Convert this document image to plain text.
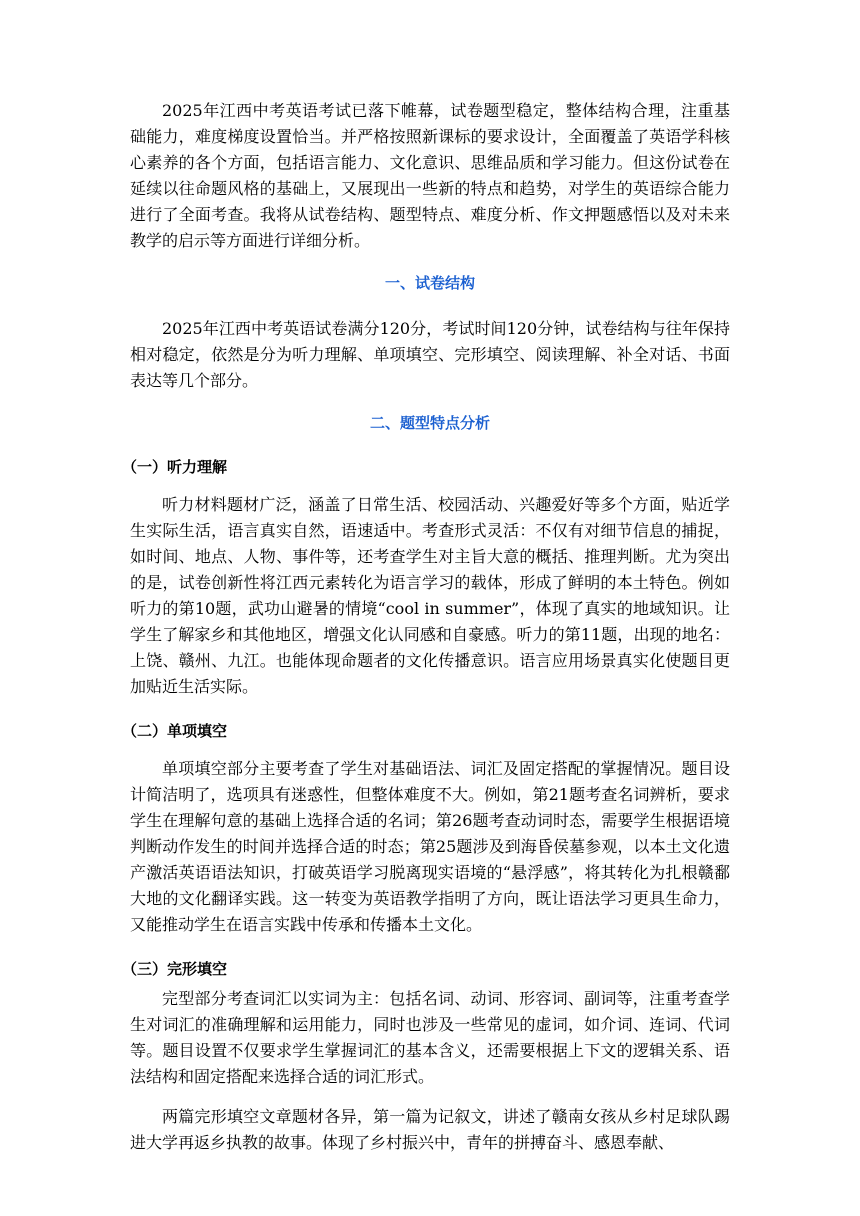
2025年江西中考英语考试已落下帷幕，试卷题型稳定，整体结构合理，注重基础能力，难度梯度设置恰当。并严格按照新课标的要求设计，全面覆盖了英语学科核心素养的各个方面，包括语言能力、文化意识、思维品质和学习能力。但这份试卷在延续以往命题风格的基础上，又展现出一些新的特点和趋势，对学生的英语综合能力进行了全面考查。我将从试卷结构、题型特点、难度分析、作文押题感悟以及对未来教学的启示等方面进行详细分析。

一、试卷结构

2025年江西中考英语试卷满分120分，考试时间120分钟，试卷结构与往年保持相对稳定，依然是分为听力理解、单项填空、完形填空、阅读理解、补全对话、书面表达等几个部分。

二、题型特点分析
（一）听力理解

听力材料题材广泛，涵盖了日常生活、校园活动、兴趣爱好等多个方面，贴近学生实际生活，语言真实自然，语速适中。考查形式灵活：不仅有对细节信息的捕捉，如时间、地点、人物、事件等，还考查学生对主旨大意的概括、推理判断。尤为突出的是，试卷创新性将江西元素转化为语言学习的载体，形成了鲜明的本土特色。例如听力的第10题，武功山避暑的情境“cool in summer”，体现了真实的地域知识。让学生了解家乡和其他地区，增强文化认同感和自豪感。听力的第11题，出现的地名：上饶、赣州、九江。也能体现命题者的文化传播意识。语言应用场景真实化使题目更加贴近生活实际。

（二）单项填空

单项填空部分主要考查了学生对基础语法、词汇及固定搭配的掌握情况。题目设计简洁明了，选项具有迷惑性，但整体难度不大。例如，第21题考查名词辨析，要求学生在理解句意的基础上选择合适的名词；第26题考查动词时态，需要学生根据语境判断动作发生的时间并选择合适的时态；第25题涉及到海昏侯墓参观，以本土文化遗产激活英语语法知识，打破英语学习脱离现实语境的“悬浮感”，将其转化为扎根赣鄱大地的文化翻译实践。这一转变为英语教学指明了方向，既让语法学习更具生命力，又能推动学生在语言实践中传承和传播本土文化。

（三）完形填空

完型部分考查词汇以实词为主：包括名词、动词、形容词、副词等，注重考查学生对词汇的准确理解和运用能力，同时也涉及一些常见的虚词，如介词、连词、代词等。题目设置不仅要求学生掌握词汇的基本含义，还需要根据上下文的逻辑关系、语法结构和固定搭配来选择合适的词汇形式。

两篇完形填空文章题材各异，第一篇为记叙文，讲述了赣南女孩从乡村足球队踢进大学再返乡执教的故事。体现了乡村振兴中，青年的拼搏奋斗、感恩奉献、
